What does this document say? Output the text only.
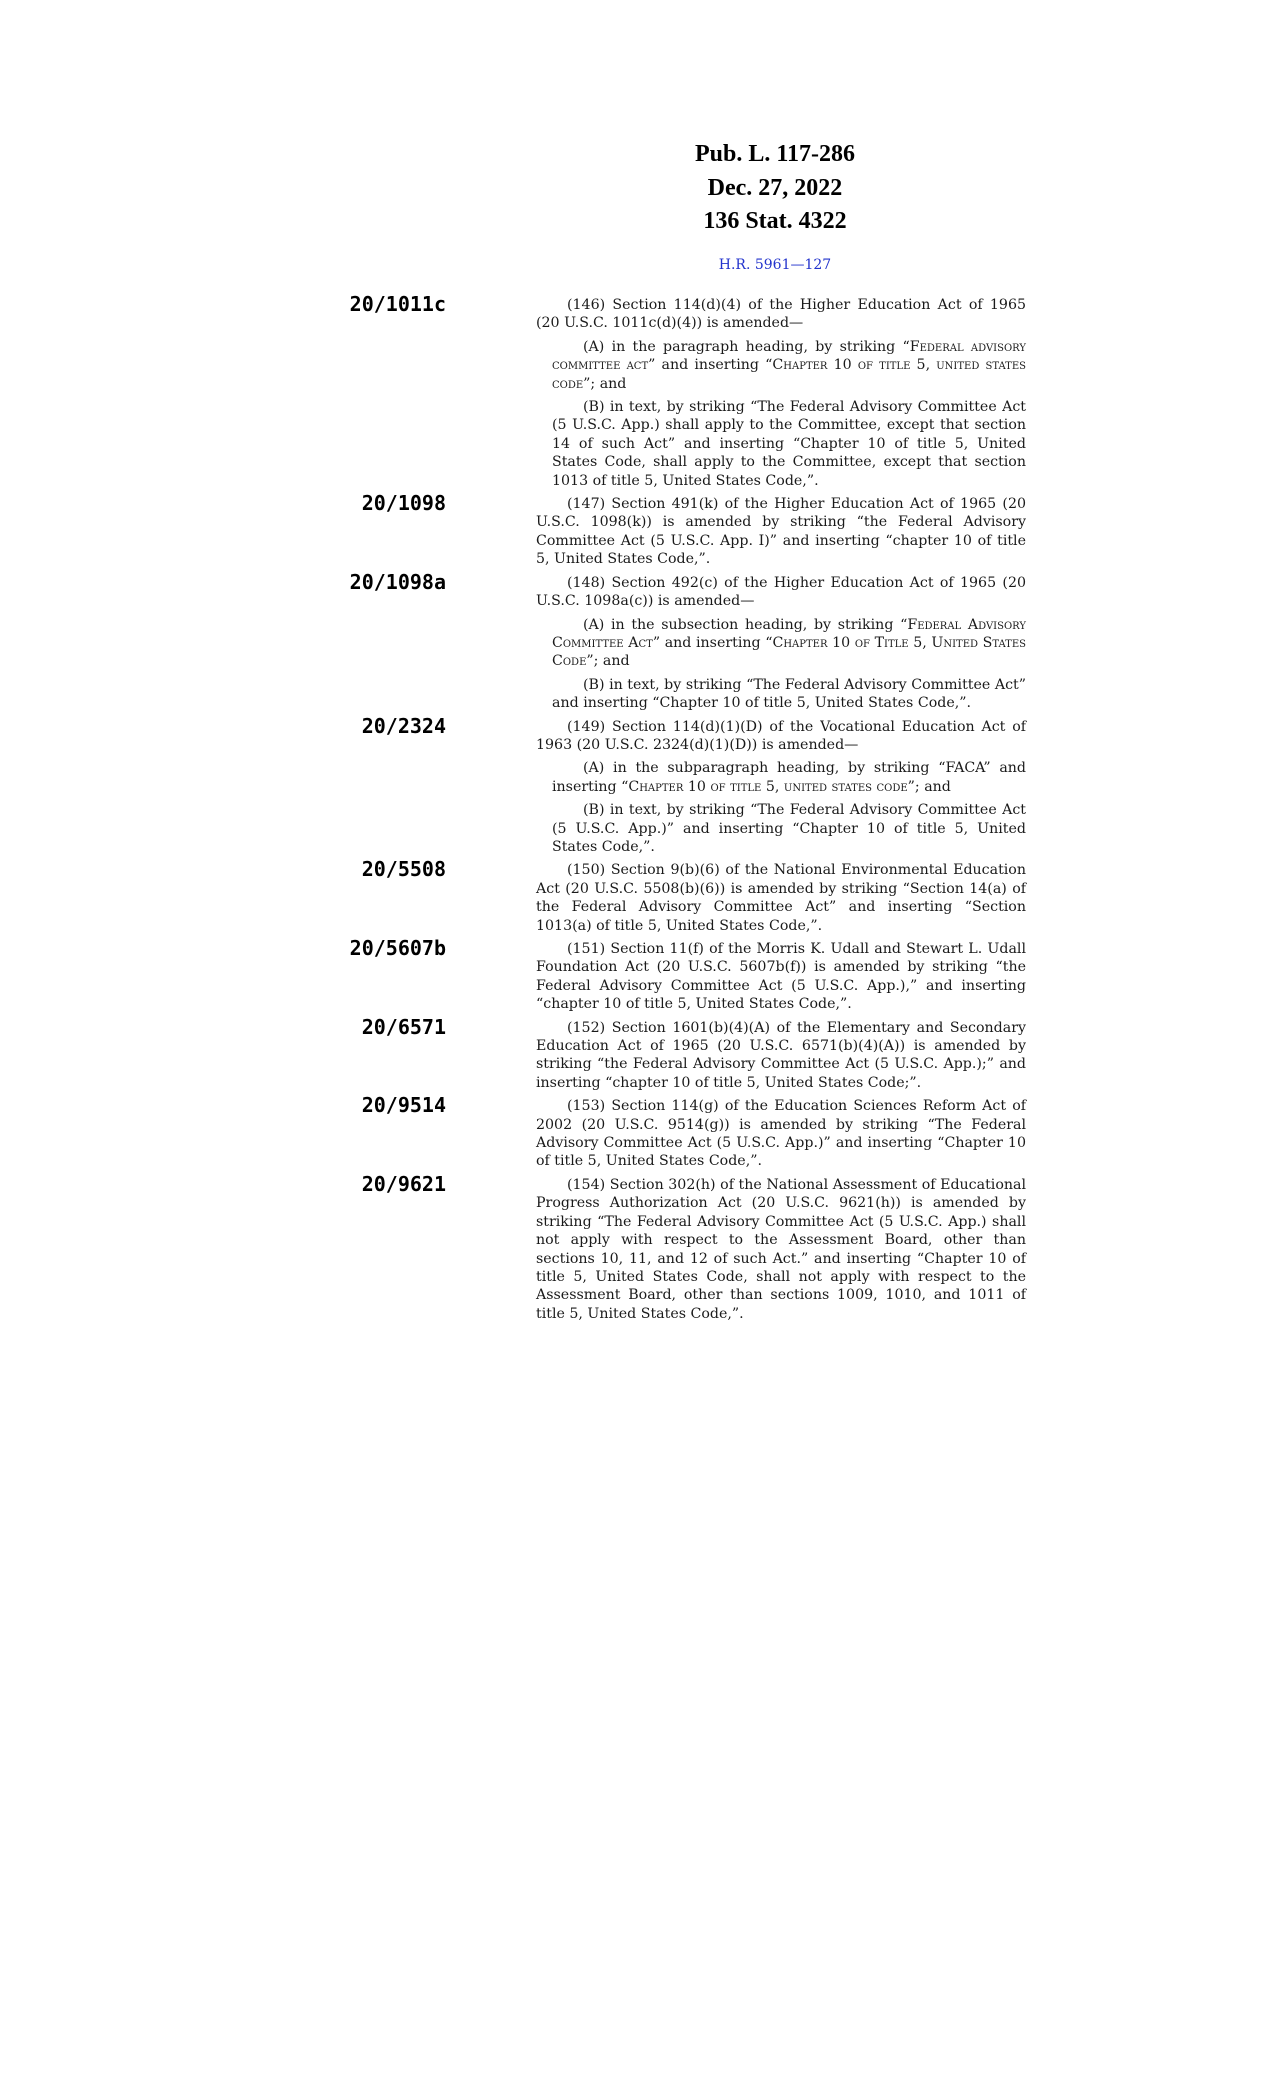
Pub. L. 117-286
Dec. 27, 2022
136 Stat. 4322
H.R. 5961—127
20/1011c	(146) Section 114(d)(4) of the Higher Education Act of 1965 (20 U.S.C. 1011c(d)(4)) is amended—

(A) in the paragraph heading, by striking “Federal advisory committee act” and inserting “Chapter 10 of title 5, united states code”; and

(B) in text, by striking “The Federal Advisory Committee Act (5 U.S.C. App.) shall apply to the Committee, except that section 14 of such Act” and inserting “Chapter 10 of title 5, United States Code, shall apply to the Committee, except that section 1013 of title 5, United States Code,”.

20/1098	(147) Section 491(k) of the Higher Education Act of 1965 (20 U.S.C. 1098(k)) is amended by striking “the Federal Advisory Committee Act (5 U.S.C. App. I)” and inserting “chapter 10 of title 5, United States Code,”.

20/1098a	(148) Section 492(c) of the Higher Education Act of 1965 (20 U.S.C. 1098a(c)) is amended—

(A) in the subsection heading, by striking “Federal Advisory Committee Act” and inserting “Chapter 10 of Title 5, United States Code”; and

(B) in text, by striking “The Federal Advisory Committee Act” and inserting “Chapter 10 of title 5, United States Code,”.

20/2324	(149) Section 114(d)(1)(D) of the Vocational Education Act of 1963 (20 U.S.C. 2324(d)(1)(D)) is amended—

(A) in the subparagraph heading, by striking “FACA” and inserting “Chapter 10 of title 5, united states code”; and

(B) in text, by striking “The Federal Advisory Committee Act (5 U.S.C. App.)” and inserting “Chapter 10 of title 5, United States Code,”.

20/5508	(150) Section 9(b)(6) of the National Environmental Education Act (20 U.S.C. 5508(b)(6)) is amended by striking “Section 14(a) of the Federal Advisory Committee Act” and inserting “Section 1013(a) of title 5, United States Code,”.

20/5607b	(151) Section 11(f) of the Morris K. Udall and Stewart L. Udall Foundation Act (20 U.S.C. 5607b(f)) is amended by striking “the Federal Advisory Committee Act (5 U.S.C. App.),” and inserting “chapter 10 of title 5, United States Code,”.

20/6571	(152) Section 1601(b)(4)(A) of the Elementary and Secondary Education Act of 1965 (20 U.S.C. 6571(b)(4)(A)) is amended by striking “the Federal Advisory Committee Act (5 U.S.C. App.);” and inserting “chapter 10 of title 5, United States Code;”.

20/9514	(153) Section 114(g) of the Education Sciences Reform Act of 2002 (20 U.S.C. 9514(g)) is amended by striking “The Federal Advisory Committee Act (5 U.S.C. App.)” and inserting “Chapter 10 of title 5, United States Code,”.

20/9621	(154) Section 302(h) of the National Assessment of Educational Progress Authorization Act (20 U.S.C. 9621(h)) is amended by striking “The Federal Advisory Committee Act (5 U.S.C. App.) shall not apply with respect to the Assessment Board, other than sections 10, 11, and 12 of such Act.” and inserting “Chapter 10 of title 5, United States Code, shall not apply with respect to the Assessment Board, other than sections 1009, 1010, and 1011 of title 5, United States Code,”.
